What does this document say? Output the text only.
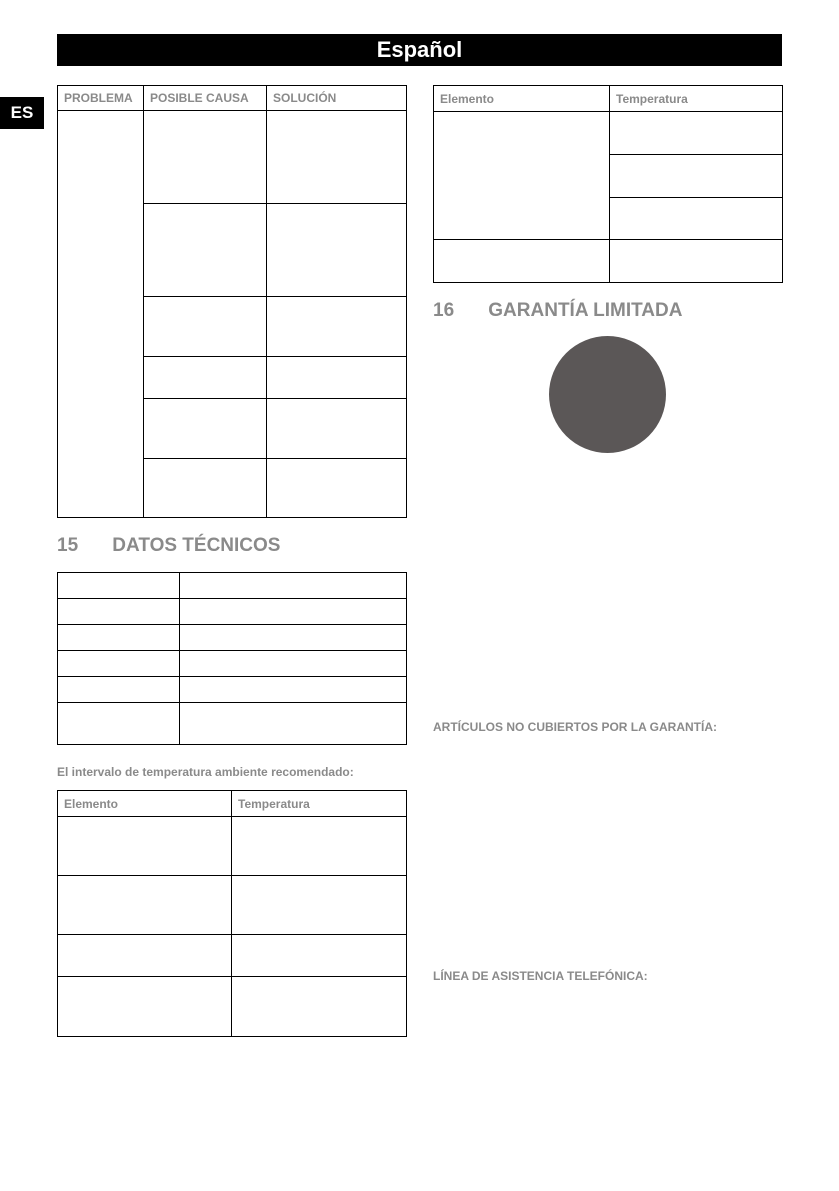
Español
ES
PROBLEMA	POSIBLE CAUSA	SOLUCIÓN

15 DATOS TÉCNICOS

El intervalo de temperatura ambiente recomendado:
Elemento	Temperatura

Elemento	Temperatura

16 GARANTÍA LIMITADA
ARTÍCULOS NO CUBIERTOS POR LA GARANTÍA:
LÍNEA DE ASISTENCIA TELEFÓNICA:
